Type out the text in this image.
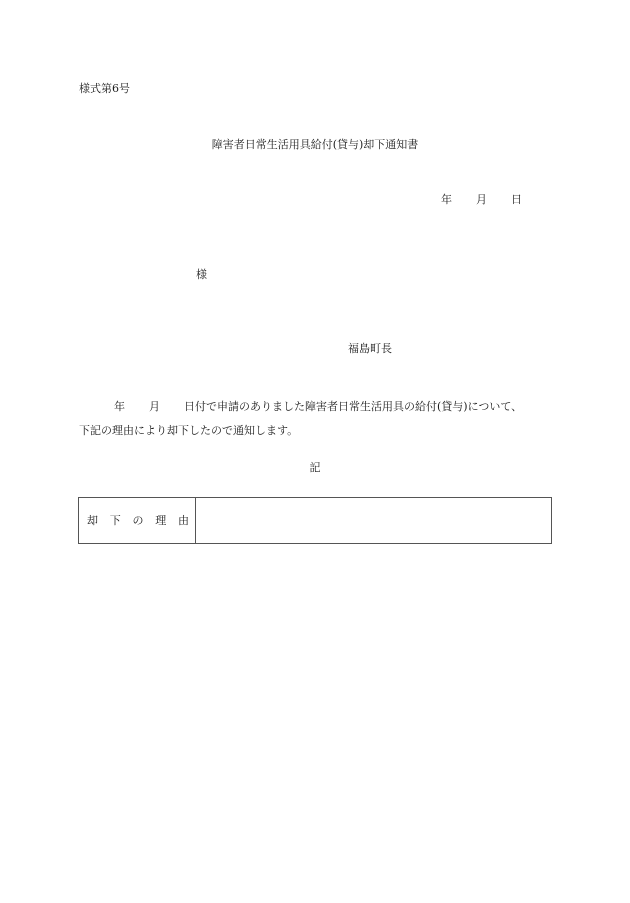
様式第6号
障害者日常生活用具給付(貸与)却下通知書
年 月 日
様
福島町長
年 月 日付で申請のありました障害者日常生活用具の給付(貸与)について、
下記の理由により却下したので通知します。
記
却 下 の 理 由
